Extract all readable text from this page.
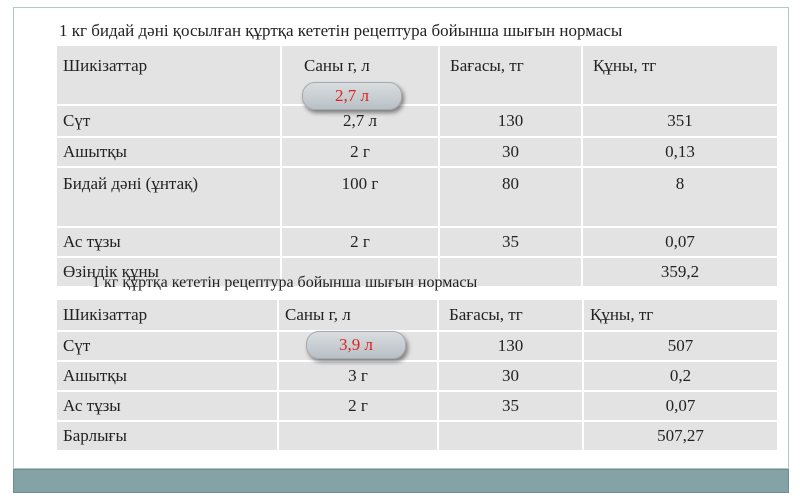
1 кг бидай дәні қосылған құртқа кететін рецептура бойынша шығын нормасы
Шикізаттар	Саны г, л	Бағасы, тг	Құны, тг
Сүт	2,7 л	130	351
Ашытқы	2 г	30	0,13
Бидай дәні (ұнтақ)	100 г	80	8
Ас тұзы	2 г	35	0,07
Өзіндік құны			359,2
2,7 л
1 кг құртқа кететін рецептура бойынша шығын нормасы
Шикізаттар	Саны г, л	Бағасы, тг	Құны, тг
Сүт		130	507
Ашытқы	3 г	30	0,2
Ас тұзы	2 г	35	0,07
Барлығы			507,27
3,9 л
